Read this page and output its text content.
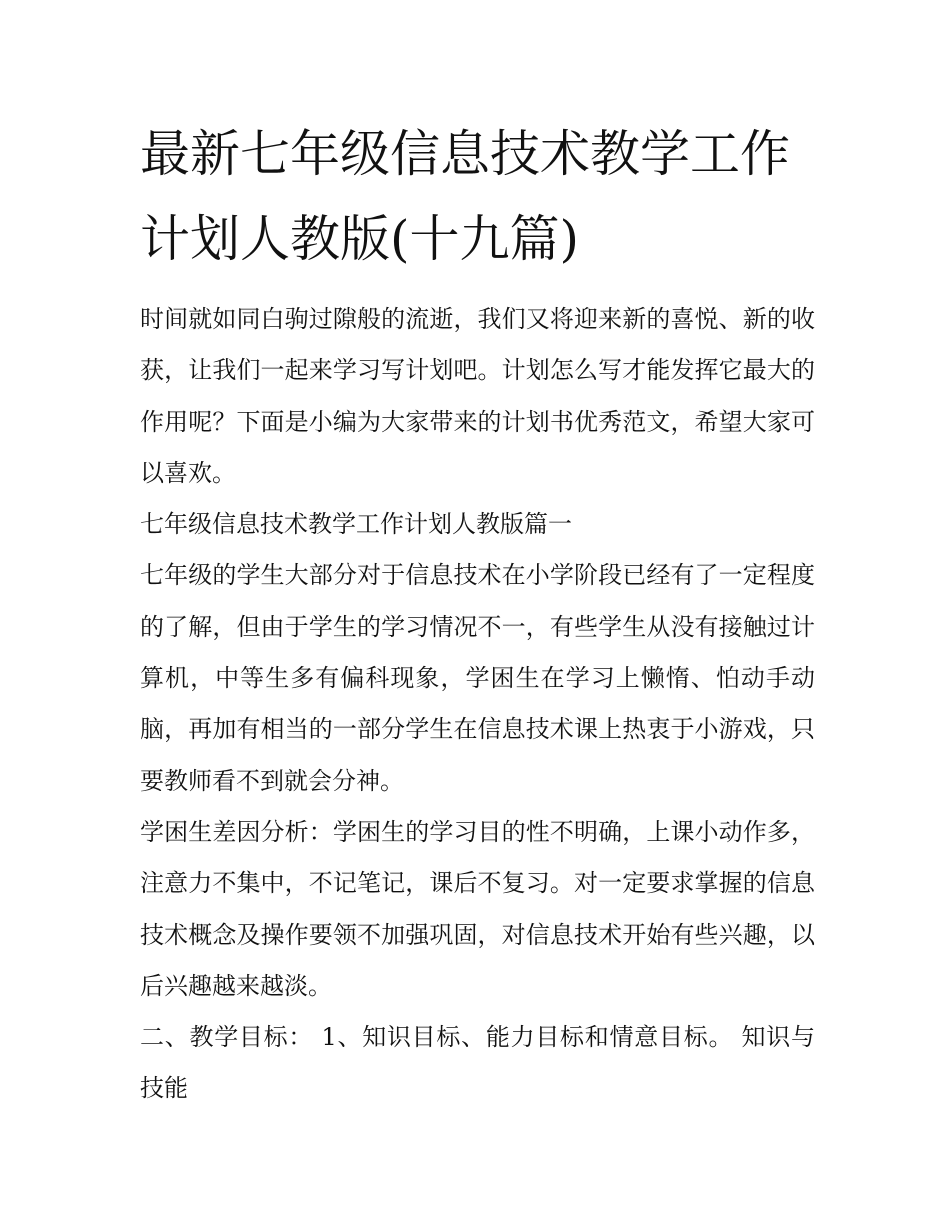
最新七年级信息技术教学工作计划人教版(十九篇)

时间就如同白驹过隙般的流逝，我们又将迎来新的喜悦、新的收获，让我们一起来学习写计划吧。计划怎么写才能发挥它最大的作用呢？下面是小编为大家带来的计划书优秀范文，希望大家可以喜欢。

七年级信息技术教学工作计划人教版篇一

七年级的学生大部分对于信息技术在小学阶段已经有了一定程度的了解，但由于学生的学习情况不一，有些学生从没有接触过计算机，中等生多有偏科现象，学困生在学习上懒惰、怕动手动脑，再加有相当的一部分学生在信息技术课上热衷于小游戏，只要教师看不到就会分神。

学困生差因分析：学困生的学习目的性不明确，上课小动作多，注意力不集中，不记笔记，课后不复习。对一定要求掌握的信息技术概念及操作要领不加强巩固，对信息技术开始有些兴趣，以后兴趣越来越淡。

二、教学目标： 1、知识目标、能力目标和情意目标。 知识与技能
